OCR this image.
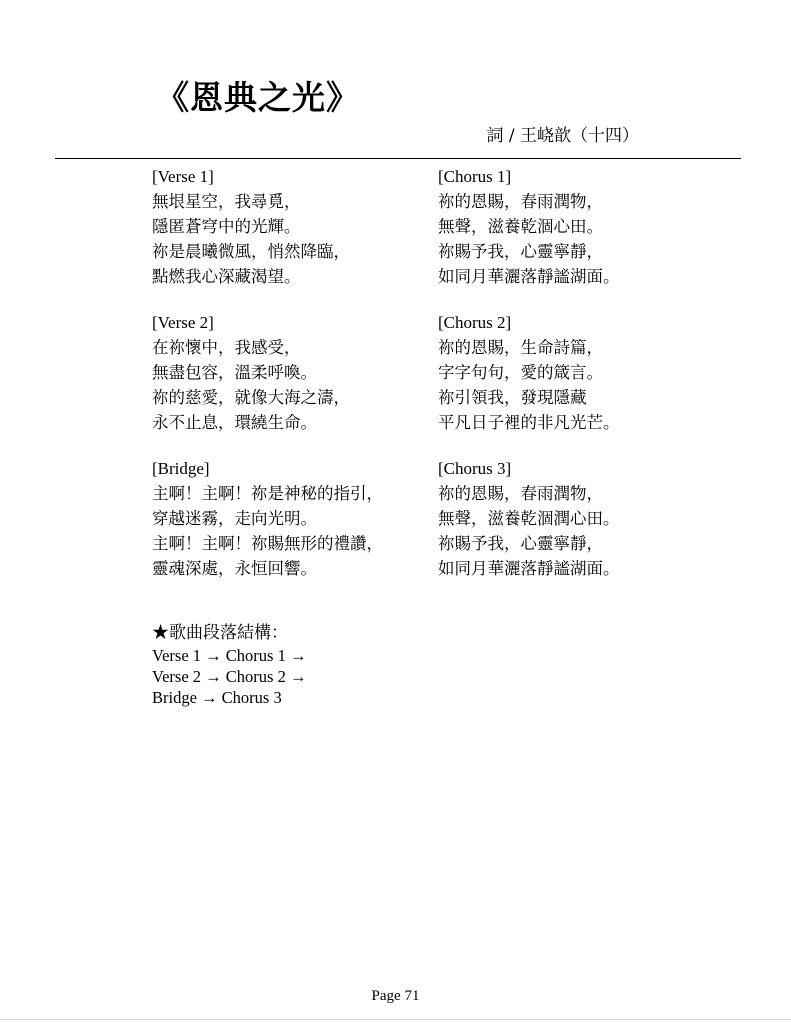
《恩典之光》
詞 / 王峣歆（十四）
[Verse 1]
無垠星空，我尋覓，
隱匿蒼穹中的光輝。
祢是晨曦微風，悄然降臨，
點燃我心深藏渴望。
[Verse 2]
在祢懷中，我感受，
無盡包容，溫柔呼喚。
祢的慈愛，就像大海之濤，
永不止息，環繞生命。
[Bridge]
主啊！主啊！祢是神秘的指引，
穿越迷霧，走向光明。
主啊！主啊！祢賜無形的禮讚，
靈魂深處，永恒回響。
[Chorus 1]
祢的恩賜，春雨潤物，
無聲，滋養乾涸心田。
祢賜予我，心靈寧靜，
如同月華灑落靜謐湖面。
[Chorus 2]
祢的恩賜，生命詩篇，
字字句句，愛的箴言。
祢引領我，發現隱藏
平凡日子裡的非凡光芒。
[Chorus 3]
祢的恩賜，春雨潤物，
無聲，滋養乾涸潤心田。
祢賜予我，心靈寧靜，
如同月華灑落靜謐湖面。
★歌曲段落結構：
Verse 1 → Chorus 1 →
Verse 2 → Chorus 2 →
Bridge → Chorus 3
Page 71
